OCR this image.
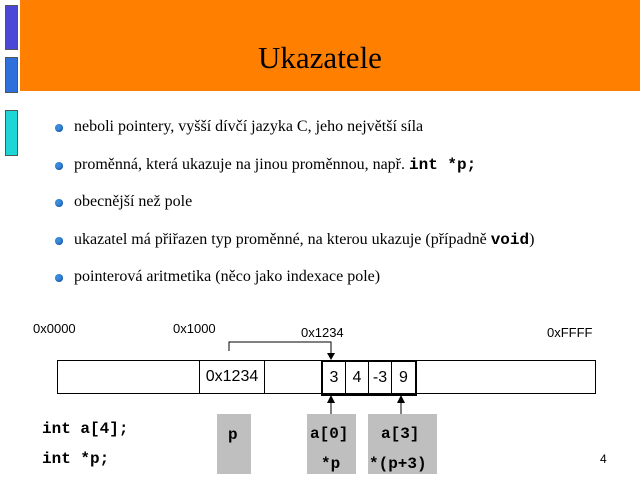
Ukazatele
neboli pointery, vyšší dívčí jazyka C, jeho největší síla
proměnná, která ukazuje na jinou proměnnou, např. int *p;
obecnější než pole
ukazatel má přiřazen typ proměnné, na kterou ukazuje (případně void)
pointerová aritmetika (něco jako indexace pole)
0x0000	0x1000	0x1234	0xFFFF
0x1234	3 4 -3 9
int a[4];
int *p;
p	a[0]
*p
a[3]
*(p+3)	4
